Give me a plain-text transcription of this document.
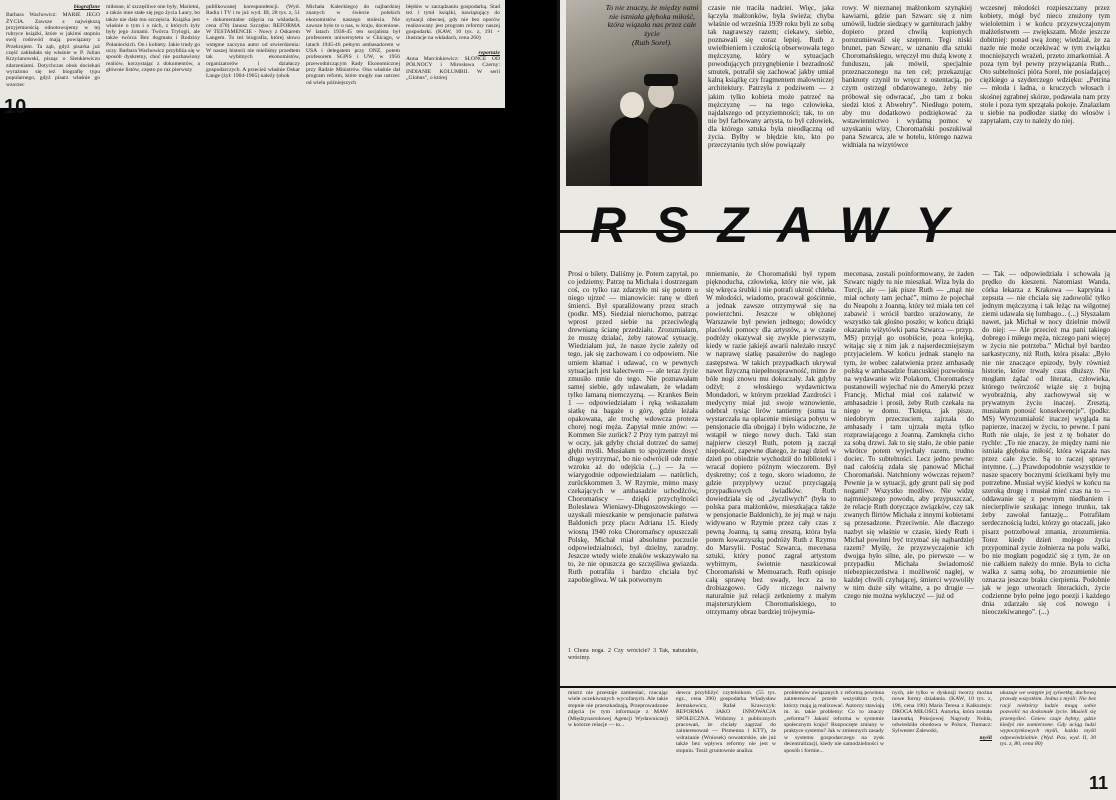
biografizne
Barbara Wachowicz: MARIE JEGO ŻYCIA. Zawsze z największą przyjemnością odnotowujemy w tej rubryce książki, które w jakimś stopniu swój rodowód mają powiązany z Przekrojem. Ta ząb, gdyż pisarka już część zakładała się właśnie w P. Julian Krzyżanowski, pisząc o Sienkiewiczu zdarzeniami. Dotychczas obok dociekań wyrażono się też biografię typu popularnego, gdyż pisarz właśnie go wzorzec
miłosne, ić szczęśliwe one były, Marietni, a także inne stałe się jego życia Laury, bo także nie dała mu szczęścia. Książka jest właśnie o tym i o nich, z których żyły były jego żonami. Twórca Trylogii, ale także twórca Bez dogmatu i Rodziny Połanieckich. On i kobiety. Jakie trudy go uczy. Barbara Wachowicz przybliża się w sposób dyskretny, choć nie pozbawiony realiów, korzystając z dokumentów, a głównie listów, często po raz pierwszy
publikowanej korespondencji. (Wyd. Radia i TV i to już wyd. III, 28 tys. z, 51 + dokumentalne zdjęcia na wkładach, cena 470) Janusz Szczęba: REFORMA W TESTAMENCIE - Nowy z Oskarem Langem. To też biografia, której słowo wstępne zaczyna autor od stwierdzenia: W naszej historii nie mieliśmy przedtem tak wybitnych ekonomistów, organizatorów i działaczy gospodarczych. A przecież właśnie Oskar Lange (żył: 1904-1965) należy (obok
Michała Kaleckiego) do najbardziej znanych w świecie polskich ekonomistów naszego stulecia. Nie zawsze było to u nas, w kraju, docenione. W latach 1938-45 ten socjalista był profesorem uniwersytetu w Chicago, w latach 1945-46 pełnym ambasadorem w USA i delegatem przy ONZ, potem profesorem SGPiS i UW, w 1956 przewodniczącym Rady Ekonomicznej przy Radzie Ministrów. Ona właśnie dał program reform, które mogły nas ustrzec od wielu późniejszych
błędów w zarządzaniu gospodarką. Stad też i tytuł książki, nawiązujący do sytuacji obecnej, gdy nie bez oporów realizowany jest program reformy naszej gospodarki. (KAW, 10 tys. z, 191 + ilustracje na wkładach, cena 260)
reportaże
Anna Marcinkiewicz: SŁOŃCE OD PÓŁNOCY i Mirosława Czerny: INDIANIE KOLUMBII. W serii „Globus”, o której
10
To nie znaczy, że między nami nie istniała głęboka miłość, która wiązała nas przez całe życie
(Ruth Sorel).
czasie nie traciła nadziei. Więc, jaka łączyła małżonków, była świeża; chyba właśnie od września 1939 roku byli ze sobą tak nagrawszy razem; ciekawy, siebie, poznawali się coraz lepiej. Ruth z uwielbieniem i czułością obserwowała tego mężczyznę, który w sytuacjach powodujących przygnębienie i bezradność smutek, potrafił się zachować jakby umiał kalną książkę czy fragmentem malowniczej architektury. Patrzyła z podziwem — z jakim tylko kobieta może patrzeć na mężczyznę — na tego człowieka, najdalszego od przyziemności; tak, to on nie był farbowany artysta, to był człowiek, dla którego sztuka była nieodłączną od życia. Byłby w błędzie kto, kto po przeczytaniu tych słów powiązały
rowy. W nieznanej małżonkom szynąkiej kawiarni, gdzie pan Szwarc się z nim umówił, ludzie siedzący w garniturach jakby dopiero przed chwilą kupionych porozumiewali się szeptem. Tegi niski brunet, pan Szwarc, w uznaniu dla sztuki Choromańskiego, wręczył mu dużą kwotę z funduszu, jak mówił, specjalnie przeznaczonego na ten cel; przekazując banknoty czynił to wręcz z ostentacją, po czym ostrzegł obdarowanego, żeby nie próbował się odwracać, „bo tam z boku siedzi ktoś z Abwehry”. Niedługo potem, aby mu dodatkowo podziękować za wstawiennictwo i wydatną pomoc w uzyskaniu wizy, Choromański poszukiwał pana Szwarca, ale w hotelu, którego nazwa widniała na wizytówce
wczesnej młodości rozpieszczany przez kobiety, mógł być nieco znużony tym wieloletnim i w końcu przyzwyczajonym małżeństwem — zwiększam. Może jeszcze dobitniej: ponad swą żonę; wiedział, że za nazle nie może oczekiwać w tym związku mocniejszych wrażeń, przeto zmarkotniał. A poza tym był pewny przywiązania Ruth... Oto subtelności pióra Sorel, nie posiadającej ciężkiego a szyderczego wdzięku: „Petrina — młoda i ładna, o kruczych włosach i skośnej zgrabnej skórze, podawała nam przy stole i poza tym sprzątała pokoje. Znalazłam u siebie na podłodze siatkę do włosów i zapytałam, czy to należy do niej.
RSZAWY
Prosi o bilety. Daliśmy je. Potem zapytał, po co jedziemy. Patrzę na Michała i dostrzegam coś, co tylko raz zdarzyło mi się potem u niego ujrzeć — mianowicie: ranę w dżeń śmierci. Był sparaliżowany przez strach (podkr. MS). Siedział nieruchomo, patrząc wprost przed siebie na przeciwległą drewnianą ścianę przedziału. Zrozumiałam, że muszę działać, żeby ratować sytuację. Wiedziałam już, że nasze życie zależy od tego, jak się zachowam i co odpowiem. Nie umiem kłamać i udawać, co w pewnych sytuacjach jest kalectwem — ale teraz życie zmusiło mnie do tego. Nie poznawałam samej siebie, gdy udawałam, że władam tylko łamaną niemczyzną. — Krankes Bein 1 — odpowiedziałam i ręką wskazałam siatkę na bagaże u góry, gdzie leżała opakowana, ale trochę wdowcza proteza chorej nogi męża. Zapytał mnie znów: — Kommen Sie zurück? 2 Przy tym patrzył mi w oczy, jak gdyby chciał dotrzeć do samej głębi myśli. Musiałam to spojrzenie dosyć długo wytrzymać, bo nie odwrócił ode mnie wzroku aż do odejścia (...) — Ja — wiarygodnie odpowiedziałam — natürlich, zurückkommen 3. W Rzymie, mimo masy czekających w ambasadzie uchodźców, Choromańscy — dzięki przychylności Bolesława Wieniawy-Długoszowskiego — uzyskali mieszkanie w pensjonacie państwa Baldonich przy placu Adriana 15. Kiedy wiosną 1940 roku Choromańscy opuszczali Polskę, Michał miał absolutne poczucie odpowiedzialności, był dzielny, zaradny. Jeszcze wtedy wiele znaków wskazywało na to, że nie opuszcza go szczęśliwa gwiazda. Ruth potrafiła i bardzo chciała być zapobiegliwa. W tak potwornym
mniemanie, że Choromański był typem pięknoducha, człowieka, który nie wie, jak się wkręca śrubki i nie potrafi ukroić chleba. W młodości, wiadomo, pracował gościnnie, a jednak zawsze otrzymywał się na powierzchni. Jeszcze w oblężonej Warszawie był pewien jednego; dowódcy placówki pomocy dla artystów, a w czasie podróży okazywał się zwykle pierwszym, kiedy w razie jakiejś awarii należało ruszyć w naprawę siatkę pasażerów do naglego zastępstwa. W takich przypadkach ukrywał nawet fizyczną niepełnosprawność, mimo że bóle nogi znowu mu dokuczały. Jak gdyby odżył; z włoskiego wydawnictwa Mondadori, w którym przekład Zazdrości i medycyny miał już swoje wznowienie, odebrał tysiąc lirów tantiemy (suma ta wystarczała na opłacenie miesiąca pobytu w pensjonacie dla obojga) i było widoczne, że wstąpił w niego nowy duch. Taki stan najpierw cieszył Ruth, potem ją zaczął niepokoić, zapewne dlatego, że nagi dzień w dzień po obiedzie wychodził do biblioteki i wracał dopiero późnym wieczorem. Był dyskretny; coś z tego, skoro wiadomo, że gdzie przyplywy uczuć przyciągają przypadkowych świadków. Ruth dowiedziała się od „życzliwych” (była to polska para małżonków, mieszkająca także w pensjonacie Baldonich), że jej mąż w naju widywano w Rzymie przez cały czas z pewną Joanną, tą samą zresztą, która była potem kowarzyszką podróży Ruth z Rzymu do Marsylii. Postać Szwarca, mecenasa sztuki, który ponoć zagrał artystom wybitnym, świetnie naszkicował Choromański w Memoarach. Ruth opisuje całą sprawę bez swady, lecz za to drobiazgowo. Gdy niczego naiwny naturalnie już relacji zetkniemy z małym majsterszykiem Choromańskiego, to otrzymamy obraz bardziej trójwymia-
mecenasa, zostali poinformowany, że żaden Szwarc nigdy tu nie mieszkał. Wiza była do Turcji, ale — jak pisze Ruth — „mąż nie miał ochoty tam jechać”, mimo że pojechał do Neapolu z Joanną, który też miała ten cel zabawić i wrócił bardzo urażowany, że wszystko tak głośno poszło; w końcu dziąki okazaniu wiżytówki pana Szwarca — przyp. MS) przyjął go osobiście, poza kolejką, witając się z nim jak z najserdeczniejszym przyjacielem. W końcu jednak stanęło na tym, że wobec załatwienia przez ambasadę polską w ambasadzie francuskiej pozwolenia na wydawanie wiz Polakom, Choromańscy postanowili wyjechać nie do Ameryki przez Francję. Michał miał coś załatwić w ambasadzie i prosił, żeby Ruth czekała na niego w domu. Tknięta, jak pisze, niedobrym przeczuciem, zajrzała do ambasady i tam ujrzała męża tylko rozprawiającego z Joanną. Zamknęła cicho za sobą drzwi. Jak to się stało, że obie panie wkrótce potem wyjechały razem, trudno dociec. To subtelności. Lecz jedno pewne: nad całością zdała się panować Michał Choromański. Natchniony wówczas rejsem? Pewnie ja w sytuacji, gdy grunt pali się pod nogami? Wszystko możliwe. Nie widzę najmniejszego powodu, aby przypuszczać, że relacje Ruth dotyczące związków, czy tak zwanych flirtów Michała z innymi kobietami są przesadzone. Przeciwnie. Ale dlaczego nazbyt się właśnie w czasie, kiedy Ruth i Michał powinni być trzymać się najbardziej razem? Myślę, że przyzwyczajenie ich dwojga było silne, ale, po pierwsze — w przypadku Michała świadomość niebezpieczeństwa i możliwość nagłej, w każdej chwili czyhającej, śmierci wyzwoliły w nim duże siły witalne, a po drugie — czego nie można wykluczyć — już od
— Tak — odpowiedziała i schowała ją prędko do kieszeni. Natomiast Wanda, córka lekarza z Krakowa — kapryśna i zepsuta — nie chciała się zadowolić tylko jednym mężczyzną i tak leżąc na wilgotnej ziemi udawała się lumbago... (...) Słyszałam nawet, jak Michał w nocy dzielnie mówił do niej: — Ale przecież ma pani takiego dobrego i miłego męża, niczego pani więcej w życiu nie potrzeba.” Michał był bardzo sarkastyczny, niż Ruth, która pisała: „Było nie nie znaczące epizody, były również historie, które trwały czas dłuższy. Nie mogłam żądać od literata, człowieka, którego twórczość wiąże się z bujną wyobraźnią, aby zachowywał się w prywatnym życiu inaczej. Zresztą, musiałam ponosić konsekwencje”. (podkr. MS) Wyrozumiałość inaczej wygląda na papierze, inaczej w życiu, to pewne. I pani Ruth nie ułaje, że jest z tę bohater do rychle: „To nie znaczy, że między nami nie istniała głęboka miłość, która wiązała nas przez całe życie. Są to raczej sprawy intymne. (...) Prawdopodobnie wszystkie te nasze spacery bocznymi ścieżkami były mu potrzebne. Musiał wyjść kiedyś w końcu na szeroką drogę i musiał mieć czas na to — oddawanie się z pewnym niedbaniem i niecierpliwie szukając innego trunku, tak żeby zawołał fantazję... Potrafiłam serdecznością ludzi, którzy go otaczali, jako pisarz potrzebował zmania, zrozumienia. Totez kiedy dzień mojego życia przypominał życie żołnierza na polu walki, bo nie mogłam pogodzić się z tym, że on nie całkiem należy do mnie. Była to cicha walka z samą sobą, bo zrozumienie nie oznacza jeszcze braku cierpienia. Podobnie jak w jego utworach literackich, życie codzienne było pełne jego poezji i każdego dnia zdarzało się coś nowego i nieoczekiwanego”. (...)
1 Chora noga. 2 Czy wrócicie? 3 Tak, naturalnie, wrócimy.
mistrz nie przestaje zamieniać, rzucając wiele oczekiwanych wycofanych. Ale takie stopnie nie przeszkadzają, Przeprowadzone zdjęcia (w tym informacje z MAW (Międzynarodowej Agencji Wydawniczej) w kolorze relacje — to...
dewca przybliżyć czytelnikom. (55 tys. egz., cena 390) gospodarka Władysław Jermakowicz, Rafał Krawczyk: REFORMA JAKO INNOWACJA SPOŁECZNA. Widzimy z publicznych pracowań, że chciały zagrzać do zainteresowań — Pismenna i KTT), że wdrażanie (Wniosek) nowatorskie, ale już także bez wpływu reformy nie jest w stopniu. Tosiż gruntownie analiza
problemów związanych z reformą powinna zainteresować przede wszystkim tych, którzy mają ją realizować. Autorzy stawiają m. in. takie problemy: Co to znaczy „reforma”? Jakość reforma w systemie społecznym kraju? Rozpoczęte zmiany w praktyce systemu? Jak w zmiennych zasady w systemu gospodarczego na zysk decentralizacji, kiedy nie samodzielności w sposób i formie...
nych, ale tylko w dyskusji tworzy można nowe formy działania. (KAW, 10 tys. z, 196, cena 190) Maria Teresa z Kalksztejn: DROGA MIŁOŚCI. Autorka, która została laureatką Pokojowej Nagrody Nobla, odwiedziła obodowa w Polsce, Tłumacz: Sylwester Zalewski,
myśli
ukazuje we wstępie jej sylwetkę, duchową prawdę wszystkim. Jedna z myśli: Nie bez racji niektórzy ludzie mogą sobie pozwolić na doskonałe życie. Musieli się przemyśleć. Gniew czuje bębny, gdzie kiedyś nie zamierzone. Gdy uciąg ludzi wypoczynkowych myśli, każda myśli odpowiedzialnie. (Wyd. Pax, wyd. II, 30 tys. z, 80, cena 80)
11
